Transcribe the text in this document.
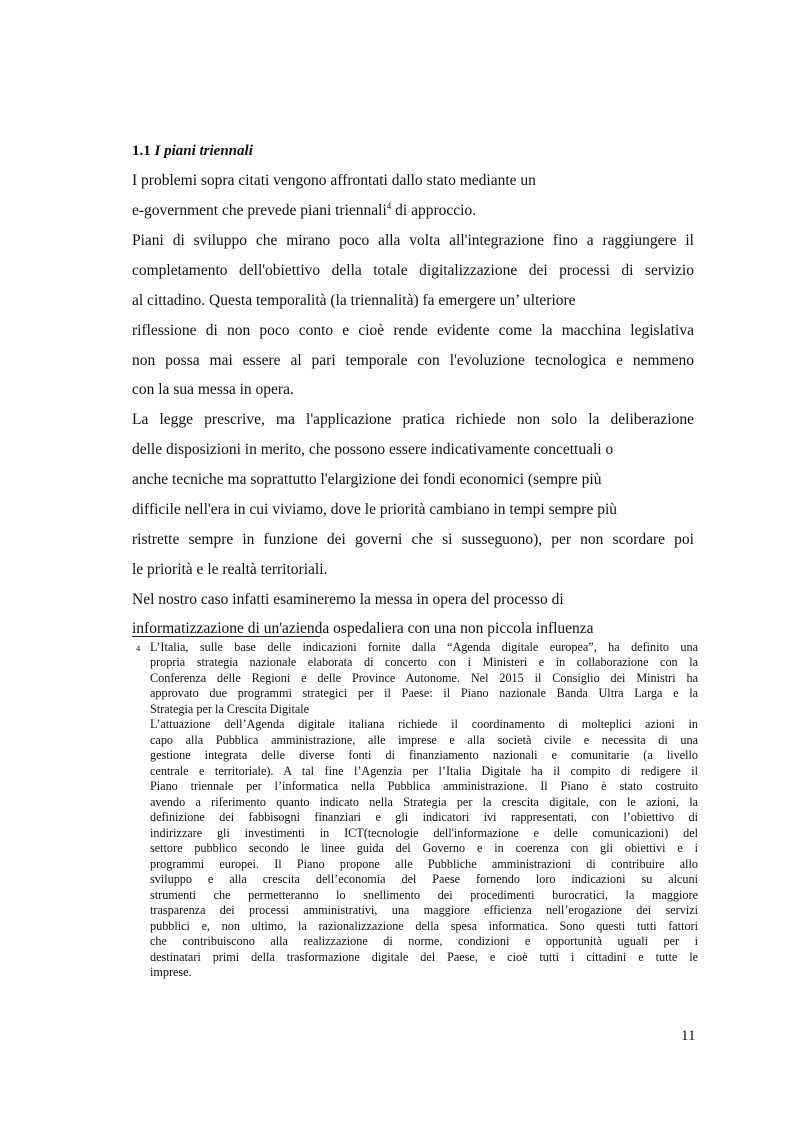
1.1 I piani triennali
I problemi sopra citati vengono affrontati dallo stato mediante un
e-government che prevede piani triennali$^4$ di approccio.
Piani di sviluppo che mirano poco alla volta all'integrazione fino a raggiungere il
completamento dell'obiettivo della totale digitalizzazione dei processi di servizio
al cittadino. Questa temporalità (la triennalità) fa emergere un’ ulteriore
riflessione di non poco conto e cioè rende evidente come la macchina legislativa
non possa mai essere al pari temporale con l'evoluzione tecnologica e nemmeno
con la sua messa in opera.
La legge prescrive, ma l'applicazione pratica richiede non solo la deliberazione
delle disposizioni in merito, che possono essere indicativamente concettuali o
anche tecniche ma soprattutto l'elargizione dei fondi economici (sempre più
difficile nell'era in cui viviamo, dove le priorità cambiano in tempi sempre più
ristrette sempre in funzione dei governi che si susseguono), per non scordare poi
le priorità e le realtà territoriali.
Nel nostro caso infatti esamineremo la messa in opera del processo di
informatizzazione di un'azienda ospedaliera con una non piccola influenza
4 L’Italia, sulle base delle indicazioni fornite dalla “Agenda digitale europea”, ha definito una
propria strategia nazionale elaborata di concerto con i Ministeri e in collaborazione con la
Conferenza delle Regioni e delle Province Autonome. Nel 2015 il Consiglio dei Ministri ha
approvato due programmi strategici per il Paese: il Piano nazionale Banda Ultra Larga e la
Strategia per la Crescita Digitale
L’attuazione dell’Agenda digitale italiana richiede il coordinamento di molteplici azioni in
capo alla Pubblica amministrazione, alle imprese e alla società civile e necessita di una
gestione integrata delle diverse fonti di finanziamento nazionali e comunitarie (a livello
centrale e territoriale). A tal fine l’Agenzia per l’Italia Digitale ha il compito di redigere il
Piano triennale per l’informatica nella Pubblica amministrazione. Il Piano è stato costruito
avendo a riferimento quanto indicato nella Strategia per la crescita digitale, con le azioni, la
definizione dei fabbisogni finanziari e gli indicatori ivi rappresentati, con l’obiettivo di
indirizzare gli investimenti in ICT(tecnologie dell'informazione e delle comunicazioni) del
settore pubblico secondo le linee guida del Governo e in coerenza con gli obiettivi e i
programmi europei. Il Piano propone alle Pubbliche amministrazioni di contribuire allo
sviluppo e alla crescita dell’economia del Paese fornendo loro indicazioni su alcuni
strumenti che permetteranno lo snellimento dei procedimenti burocratici, la maggiore
trasparenza dei processi amministrativi, una maggiore efficienza nell’erogazione dei servizi
pubblici e, non ultimo, la razionalizzazione della spesa informatica. Sono questi tutti fattori
che contribuiscono alla realizzazione di norme, condizioni e opportunità uguali per i
destinatari primi della trasformazione digitale del Paese, e cioè tutti i cittadini e tutte le
imprese.
11
